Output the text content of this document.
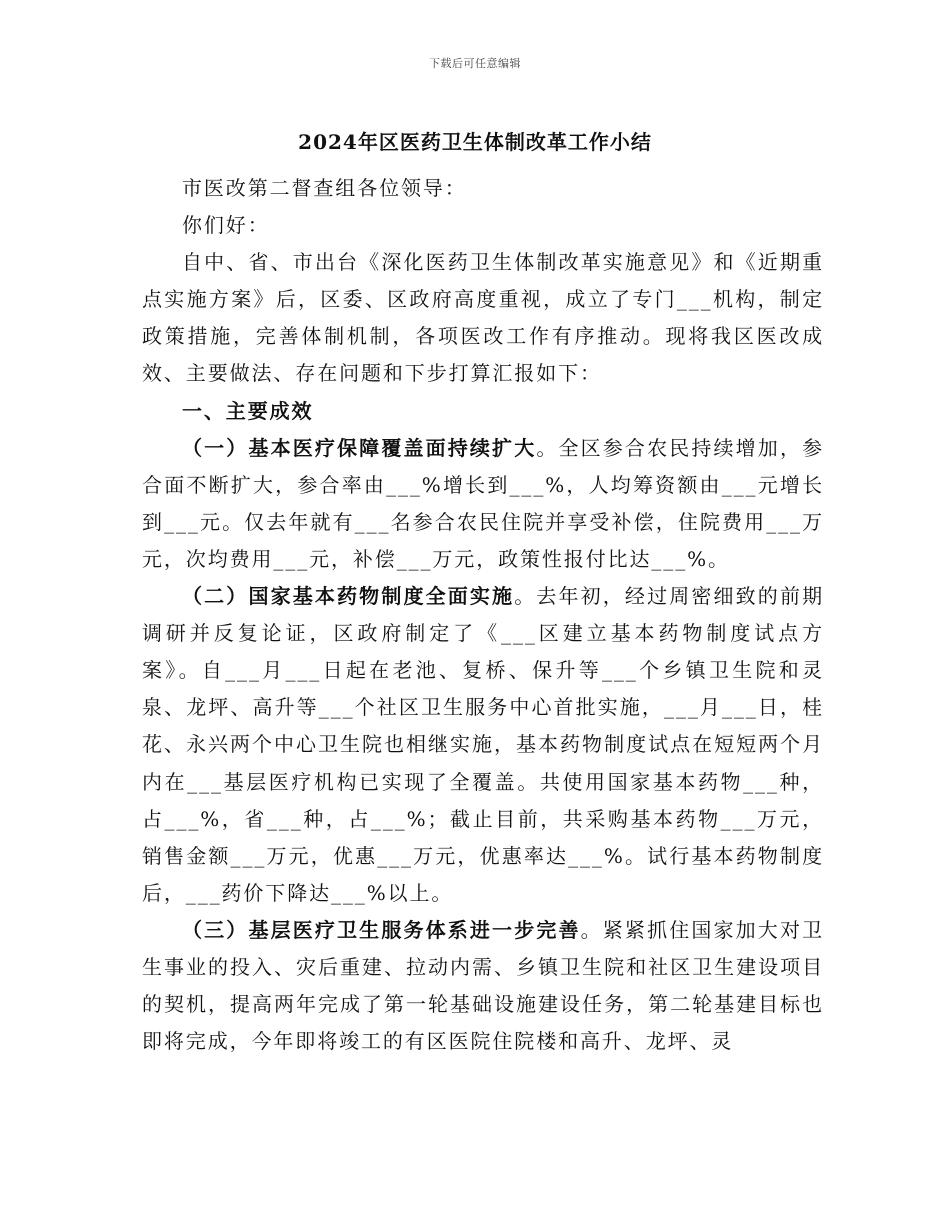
下载后可任意编辑
2024年区医药卫生体制改革工作小结

市医改第二督查组各位领导：

你们好：

自中、省、市出台《深化医药卫生体制改革实施意见》和《近期重点实施方案》后，区委、区政府高度重视，成立了专门___机构，制定政策措施，完善体制机制，各项医改工作有序推动。现将我区医改成效、主要做法、存在问题和下步打算汇报如下：

一、主要成效

（一）基本医疗保障覆盖面持续扩大。全区参合农民持续增加，参合面不断扩大，参合率由___%增长到___%，人均筹资额由___元增长到___元。仅去年就有___名参合农民住院并享受补偿，住院费用___万元，次均费用___元，补偿___万元，政策性报付比达___%。

（二）国家基本药物制度全面实施。去年初，经过周密细致的前期调研并反复论证，区政府制定了《___区建立基本药物制度试点方案》。自___月___日起在老池、复桥、保升等___个乡镇卫生院和灵泉、龙坪、高升等___个社区卫生服务中心首批实施，___月___日，桂花、永兴两个中心卫生院也相继实施，基本药物制度试点在短短两个月内在___基层医疗机构已实现了全覆盖。共使用国家基本药物___种，占___%，省___种，占___%；截止目前，共采购基本药物___万元，销售金额___万元，优惠___万元，优惠率达___%。试行基本药物制度后，___药价下降达___%以上。

（三）基层医疗卫生服务体系进一步完善。紧紧抓住国家加大对卫生事业的投入、灾后重建、拉动内需、乡镇卫生院和社区卫生建设项目的契机，提高两年完成了第一轮基础设施建设任务，第二轮基建目标也即将完成，今年即将竣工的有区医院住院楼和高升、龙坪、灵
